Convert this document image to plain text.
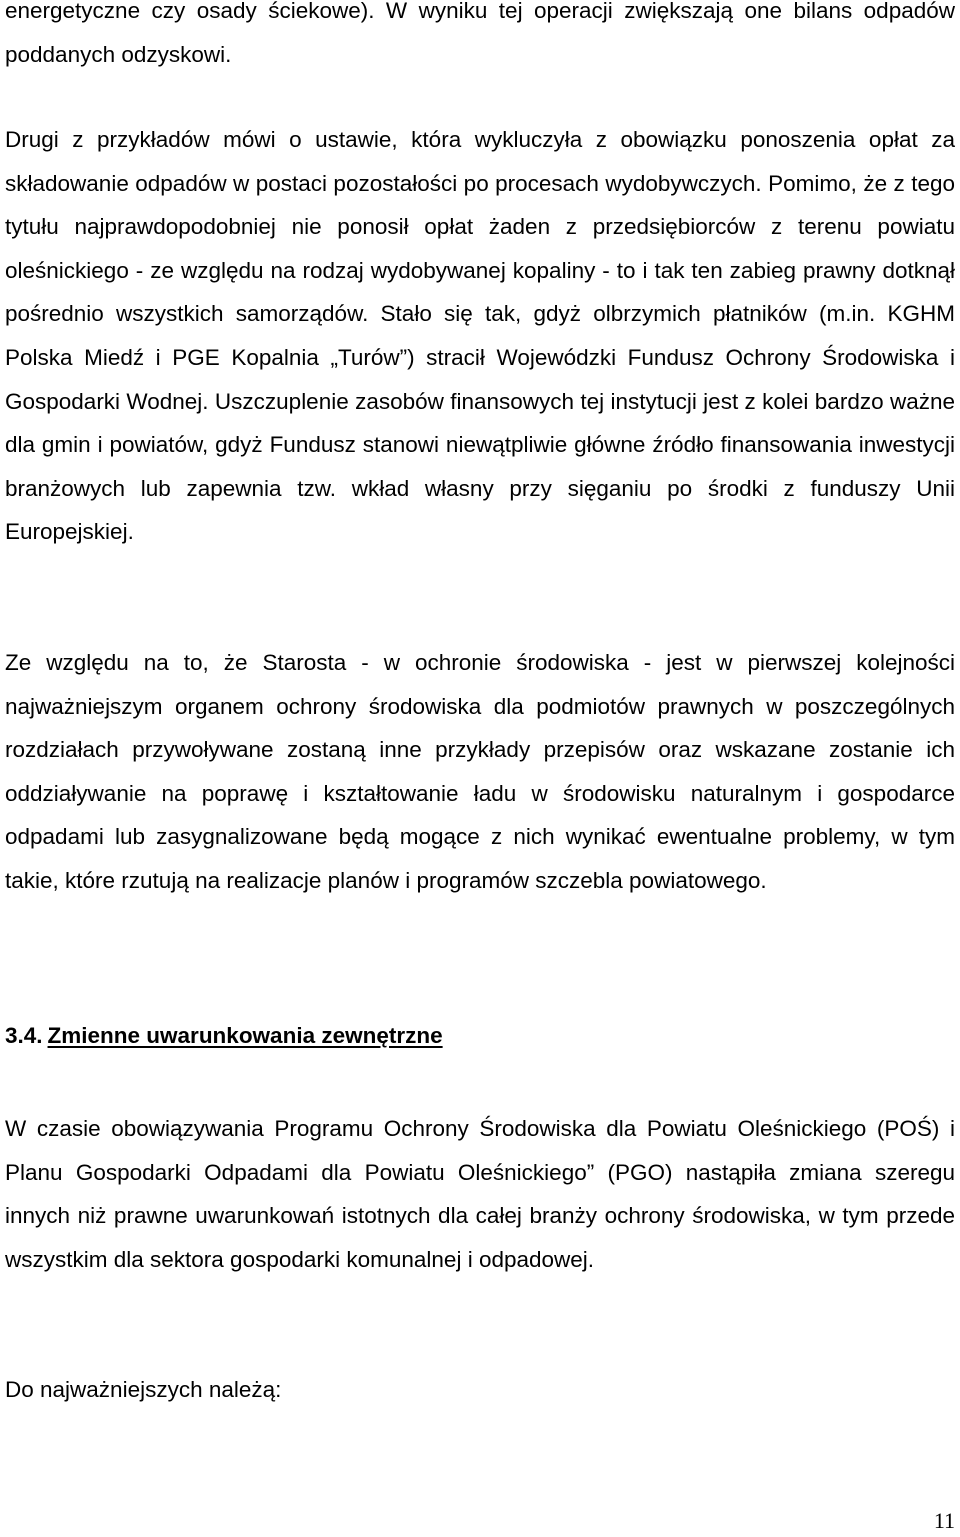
energetyczne czy osady ściekowe). W wyniku tej operacji zwiększają one bilans odpadów poddanych odzyskowi.

Drugi z przykładów mówi o ustawie, która wykluczyła z obowiązku ponoszenia opłat za składowanie odpadów w postaci pozostałości po procesach wydobywczych. Pomimo, że z tego tytułu najprawdopodobniej nie ponosił opłat żaden z przedsiębiorców z terenu powiatu oleśnickiego - ze względu na rodzaj wydobywanej kopaliny - to i tak ten zabieg prawny dotknął pośrednio wszystkich samorządów. Stało się tak, gdyż olbrzymich płatników (m.in. KGHM Polska Miedź i PGE Kopalnia „Turów”) stracił Wojewódzki Fundusz Ochrony Środowiska i Gospodarki Wodnej. Uszczuplenie zasobów finansowych tej instytucji jest z kolei bardzo ważne dla gmin i powiatów, gdyż Fundusz stanowi niewątpliwie główne źródło finansowania inwestycji branżowych lub zapewnia tzw. wkład własny przy sięganiu po środki z funduszy Unii Europejskiej.

Ze względu na to, że Starosta - w ochronie środowiska - jest w pierwszej kolejności najważniejszym organem ochrony środowiska dla podmiotów prawnych w poszczególnych rozdziałach przywoływane zostaną inne przykłady przepisów oraz wskazane zostanie ich oddziaływanie na poprawę i kształtowanie ładu w środowisku naturalnym i gospodarce odpadami lub zasygnalizowane będą mogące z nich wynikać ewentualne problemy, w tym takie, które rzutują na realizacje planów i programów szczebla powiatowego.

3.4. Zmienne uwarunkowania zewnętrzne

W czasie obowiązywania Programu Ochrony Środowiska dla Powiatu Oleśnickiego (POŚ) i Planu Gospodarki Odpadami dla Powiatu Oleśnickiego” (PGO) nastąpiła zmiana szeregu innych niż prawne uwarunkowań istotnych dla całej branży ochrony środowiska, w tym przede wszystkim dla sektora gospodarki komunalnej i odpadowej.

Do najważniejszych należą:

11
